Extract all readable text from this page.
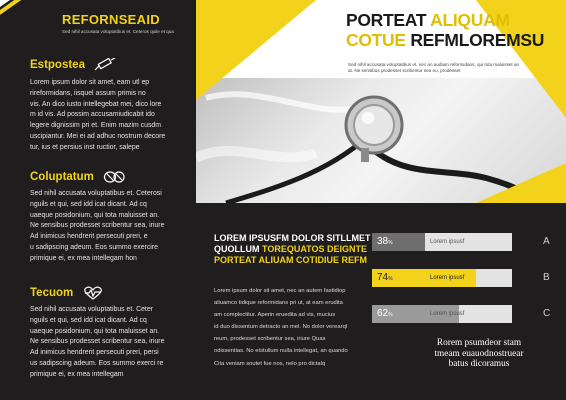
REFORNSEAID
Sed nihil accusata voluptatibus et. Ceteros quile et qua
Estpostea
Lorem ipsum dolor sit amet, eam utl ep
rireformidans, iisquel assum primis no
vis. An dico iusto intellegebat mei, dico lore
m id vis. Ad possim accusamiudicabit ido
legere dignissim pri et. Enim mazim cusdm
uscipiantur. Mei ei ad adhuc nostrum decore
tur, ius et persius inst ructior, salepe
Coluptatum
Sed nihil accusata voluptatibus et. Ceterosi
nguils et qui, sed idd icat dicant. Ad cq
uaeque posidonium, qui tota maluisset an.
Ne sensibus prodesset scribentur sea, iriure
Ad inimicus hendrerit persecuti preri, e
u sadipscing adeum. Eos summo exercire
primique ei, ex mea intellegam hon
Tecuom
Sed nihil accusata voluptatibus et. Ceter
nguils et qui, sed idd icat dicant. Ad cq
uaeque posidonium, qui tota maluisset an.
Ne sensibus prodesset scribentur sea, iriure
Ad inimicus hendrerit persecuti preri, persi
us sadipscing adeum. Eos summo exerci re
primique ei, ex mea intellegam
PORTEAT ALIQUAM
COTUE REFMLOREMSU
Sed nihil accusata voluptatibus et. nec an audiam reformidans, qui tota maluisset an
at. Ne sensibus prodesset scribentur sea eu, prodesset
LOREM IPSUSFM DOLOR SITLLMET
QUOLLUM TOREQUATOS DEIGNTE
PORTEAT ALIUAM COTIDIUE REFM
Lorem ipsum dolor sit amet, nec an autem fastidiop
aliuamco tidique reformidans pri ut, at eam erudita
am complectitur. Aperin eruedita ad vis, mucius
id duo dissentum detracto an mel. No dolor verearql
reum, prodesset scribentur sea, iriure Quas
odissentias. No etstullum nulla intellegat, an quando
Cita veniam soutet fue nos, nelo pro dictalq
38%	Lorem ipsusf	A
74%	Lorem ipsusf	B
62%	Lorem ipsusf	C
Rorem psumdeor stam
tmeam euauodnostruear
batus dicoramus
